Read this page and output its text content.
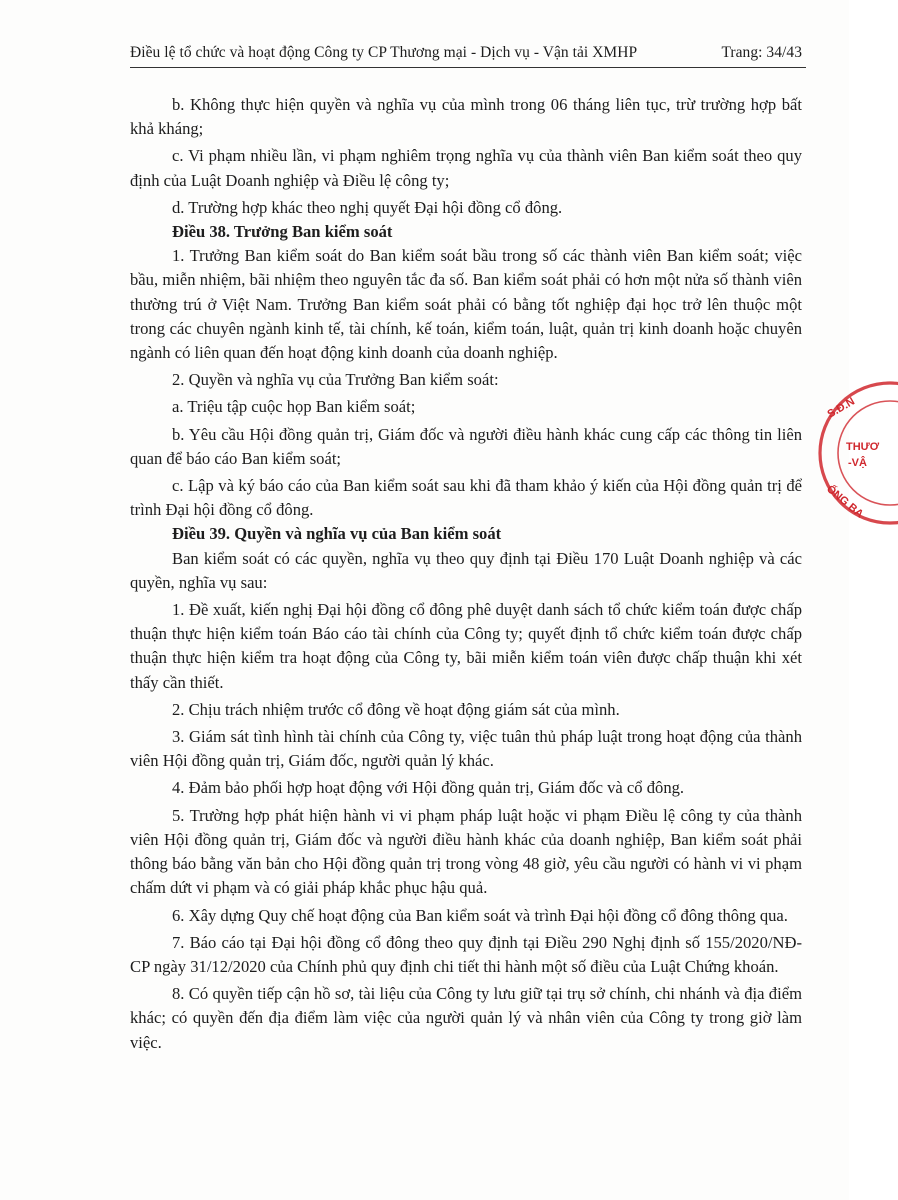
Điều lệ tổ chức và hoạt động Công ty CP Thương mại - Dịch vụ - Vận tải XMHP	Trang: 34/43

b. Không thực hiện quyền và nghĩa vụ của mình trong 06 tháng liên tục, trừ trường hợp bất khả kháng;

c. Vi phạm nhiều lần, vi phạm nghiêm trọng nghĩa vụ của thành viên Ban kiểm soát theo quy định của Luật Doanh nghiệp và Điều lệ công ty;

d. Trường hợp khác theo nghị quyết Đại hội đồng cổ đông.

Điều 38. Trưởng Ban kiểm soát

1. Trưởng Ban kiểm soát do Ban kiểm soát bầu trong số các thành viên Ban kiểm soát; việc bầu, miễn nhiệm, bãi nhiệm theo nguyên tắc đa số. Ban kiểm soát phải có hơn một nửa số thành viên thường trú ở Việt Nam. Trưởng Ban kiểm soát phải có bằng tốt nghiệp đại học trở lên thuộc một trong các chuyên ngành kinh tế, tài chính, kế toán, kiểm toán, luật, quản trị kinh doanh hoặc chuyên ngành có liên quan đến hoạt động kinh doanh của doanh nghiệp.

2. Quyền và nghĩa vụ của Trưởng Ban kiểm soát:

a. Triệu tập cuộc họp Ban kiểm soát;

b. Yêu cầu Hội đồng quản trị, Giám đốc và người điều hành khác cung cấp các thông tin liên quan để báo cáo Ban kiểm soát;

c. Lập và ký báo cáo của Ban kiểm soát sau khi đã tham khảo ý kiến của Hội đồng quản trị để trình Đại hội đồng cổ đông.

Điều 39. Quyền và nghĩa vụ của Ban kiểm soát

Ban kiểm soát có các quyền, nghĩa vụ theo quy định tại Điều 170 Luật Doanh nghiệp và các quyền, nghĩa vụ sau:

1. Đề xuất, kiến nghị Đại hội đồng cổ đông phê duyệt danh sách tổ chức kiểm toán được chấp thuận thực hiện kiểm toán Báo cáo tài chính của Công ty; quyết định tổ chức kiểm toán được chấp thuận thực hiện kiểm tra hoạt động của Công ty, bãi miễn kiểm toán viên được chấp thuận khi xét thấy cần thiết.

2. Chịu trách nhiệm trước cổ đông về hoạt động giám sát của mình.

3. Giám sát tình hình tài chính của Công ty, việc tuân thủ pháp luật trong hoạt động của thành viên Hội đồng quản trị, Giám đốc, người quản lý khác.

4. Đảm bảo phối hợp hoạt động với Hội đồng quản trị, Giám đốc và cổ đông.

5. Trường hợp phát hiện hành vi vi phạm pháp luật hoặc vi phạm Điều lệ công ty của thành viên Hội đồng quản trị, Giám đốc và người điều hành khác của doanh nghiệp, Ban kiểm soát phải thông báo bằng văn bản cho Hội đồng quản trị trong vòng 48 giờ, yêu cầu người có hành vi vi phạm chấm dứt vi phạm và có giải pháp khắc phục hậu quả.

6. Xây dựng Quy chế hoạt động của Ban kiểm soát và trình Đại hội đồng cổ đông thông qua.

7. Báo cáo tại Đại hội đồng cổ đông theo quy định tại Điều 290 Nghị định số 155/2020/NĐ-CP ngày 31/12/2020 của Chính phủ quy định chi tiết thi hành một số điều của Luật Chứng khoán.

8. Có quyền tiếp cận hồ sơ, tài liệu của Công ty lưu giữ tại trụ sở chính, chi nhánh và địa điểm khác; có quyền đến địa điểm làm việc của người quản lý và nhân viên của Công ty trong giờ làm việc.

S.Đ.N
THƯƠ
-VẬ
ỐNG BA
